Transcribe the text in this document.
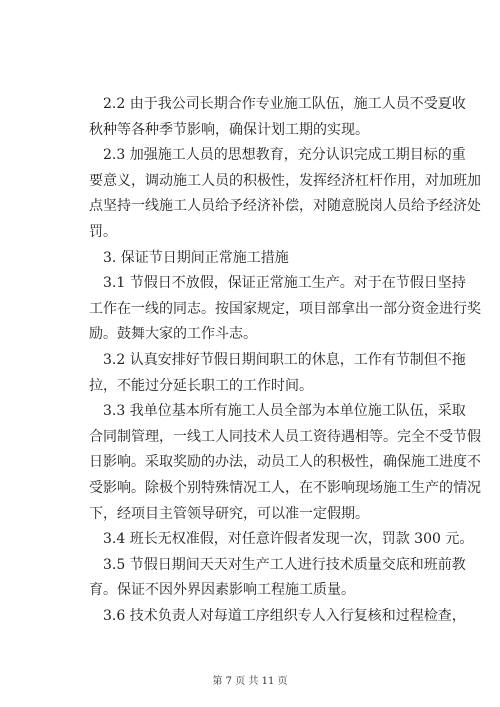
2.2 由于我公司长期合作专业施工队伍，施工人员不受夏收
秋种等各种季节影响，确保计划工期的实现。
2.3 加强施工人员的思想教育，充分认识完成工期目标的重
要意义，调动施工人员的积极性，发挥经济杠杆作用，对加班加
点坚持一线施工人员给予经济补偿，对随意脱岗人员给予经济处
罚。
3. 保证节日期间正常施工措施
3.1 节假日不放假，保证正常施工生产。对于在节假日坚持
工作在一线的同志。按国家规定，项目部拿出一部分资金进行奖
励。鼓舞大家的工作斗志。
3.2 认真安排好节假日期间职工的休息，工作有节制但不拖
拉，不能过分延长职工的工作时间。
3.3 我单位基本所有施工人员全部为本单位施工队伍，采取
合同制管理，一线工人同技术人员工资待遇相等。完全不受节假
日影响。采取奖励的办法，动员工人的积极性，确保施工进度不
受影响。除极个别特殊情况工人，在不影响现场施工生产的情况
下，经项目主管领导研究，可以准一定假期。
3.4 班长无权准假，对任意许假者发现一次，罚款 300 元。
3.5 节假日期间天天对生产工人进行技术质量交底和班前教
育。保证不因外界因素影响工程施工质量。
3.6 技术负责人对每道工序组织专人入行复核和过程检查，
第 7 页 共 11 页
